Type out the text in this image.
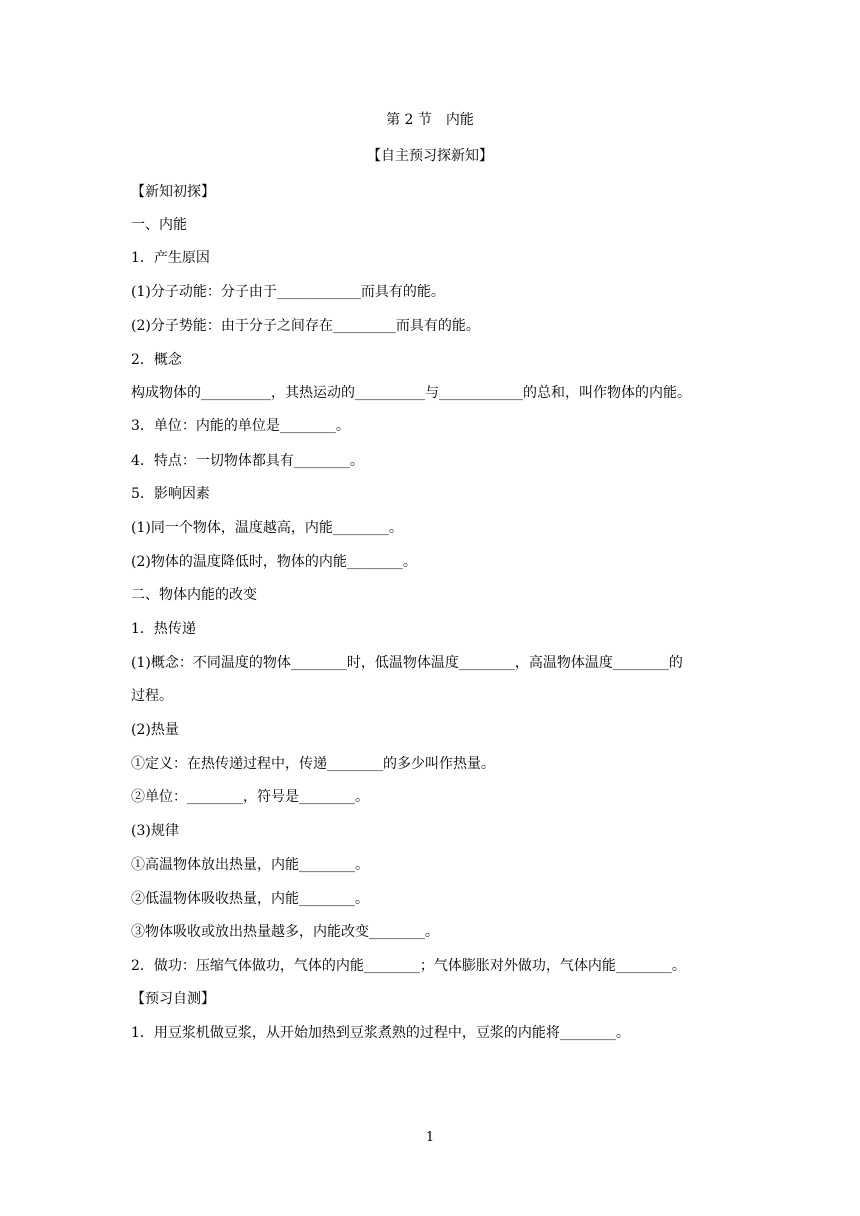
第 2 节　内能
【自主预习探新知】
【新知初探】
一、内能
1．产生原因
(1)分子动能：分子由于____________而具有的能。
(2)分子势能：由于分子之间存在_________而具有的能。
2．概念
构成物体的__________，其热运动的__________与____________的总和，叫作物体的内能。
3．单位：内能的单位是________。
4．特点：一切物体都具有________。
5．影响因素
(1)同一个物体，温度越高，内能________。
(2)物体的温度降低时，物体的内能________。
二、物体内能的改变
1．热传递
(1)概念：不同温度的物体________时，低温物体温度________，高温物体温度________的
过程。
(2)热量
①定义：在热传递过程中，传递________的多少叫作热量。
②单位：________，符号是________。
(3)规律
①高温物体放出热量，内能________。
②低温物体吸收热量，内能________。
③物体吸收或放出热量越多，内能改变________。
2．做功：压缩气体做功，气体的内能________；气体膨胀对外做功，气体内能________。
【预习自测】
1．用豆浆机做豆浆，从开始加热到豆浆煮熟的过程中，豆浆的内能将________。
1
